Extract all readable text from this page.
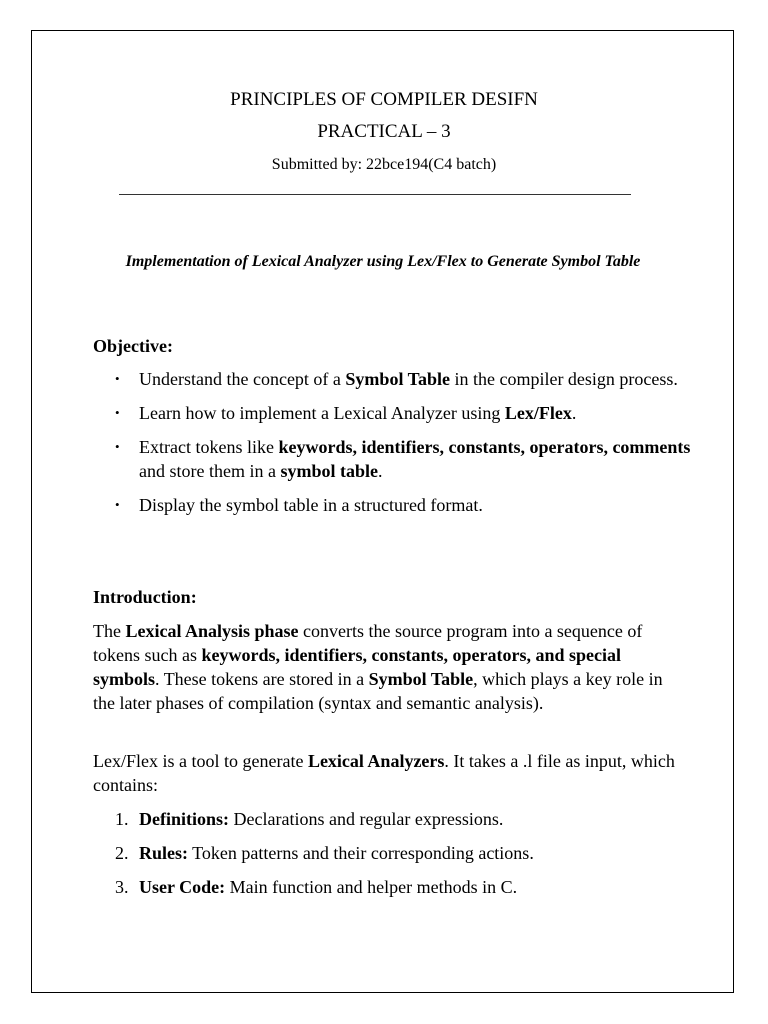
PRINCIPLES OF COMPILER DESIFN
PRACTICAL – 3
Submitted by: 22bce194(C4 batch)
Implementation of Lexical Analyzer using Lex/Flex to Generate Symbol Table
Objective:
• Understand the concept of a Symbol Table in the compiler design process.
• Learn how to implement a Lexical Analyzer using Lex/Flex.
• Extract tokens like keywords, identifiers, constants, operators, comments and store them in a symbol table.
• Display the symbol table in a structured format.
Introduction:

The Lexical Analysis phase converts the source program into a sequence of tokens such as keywords, identifiers, constants, operators, and special symbols. These tokens are stored in a Symbol Table, which plays a key role in the later phases of compilation (syntax and semantic analysis).

Lex/Flex is a tool to generate Lexical Analyzers. It takes a .l file as input, which contains:

1. Definitions: Declarations and regular expressions.
2. Rules: Token patterns and their corresponding actions.
3. User Code: Main function and helper methods in C.
